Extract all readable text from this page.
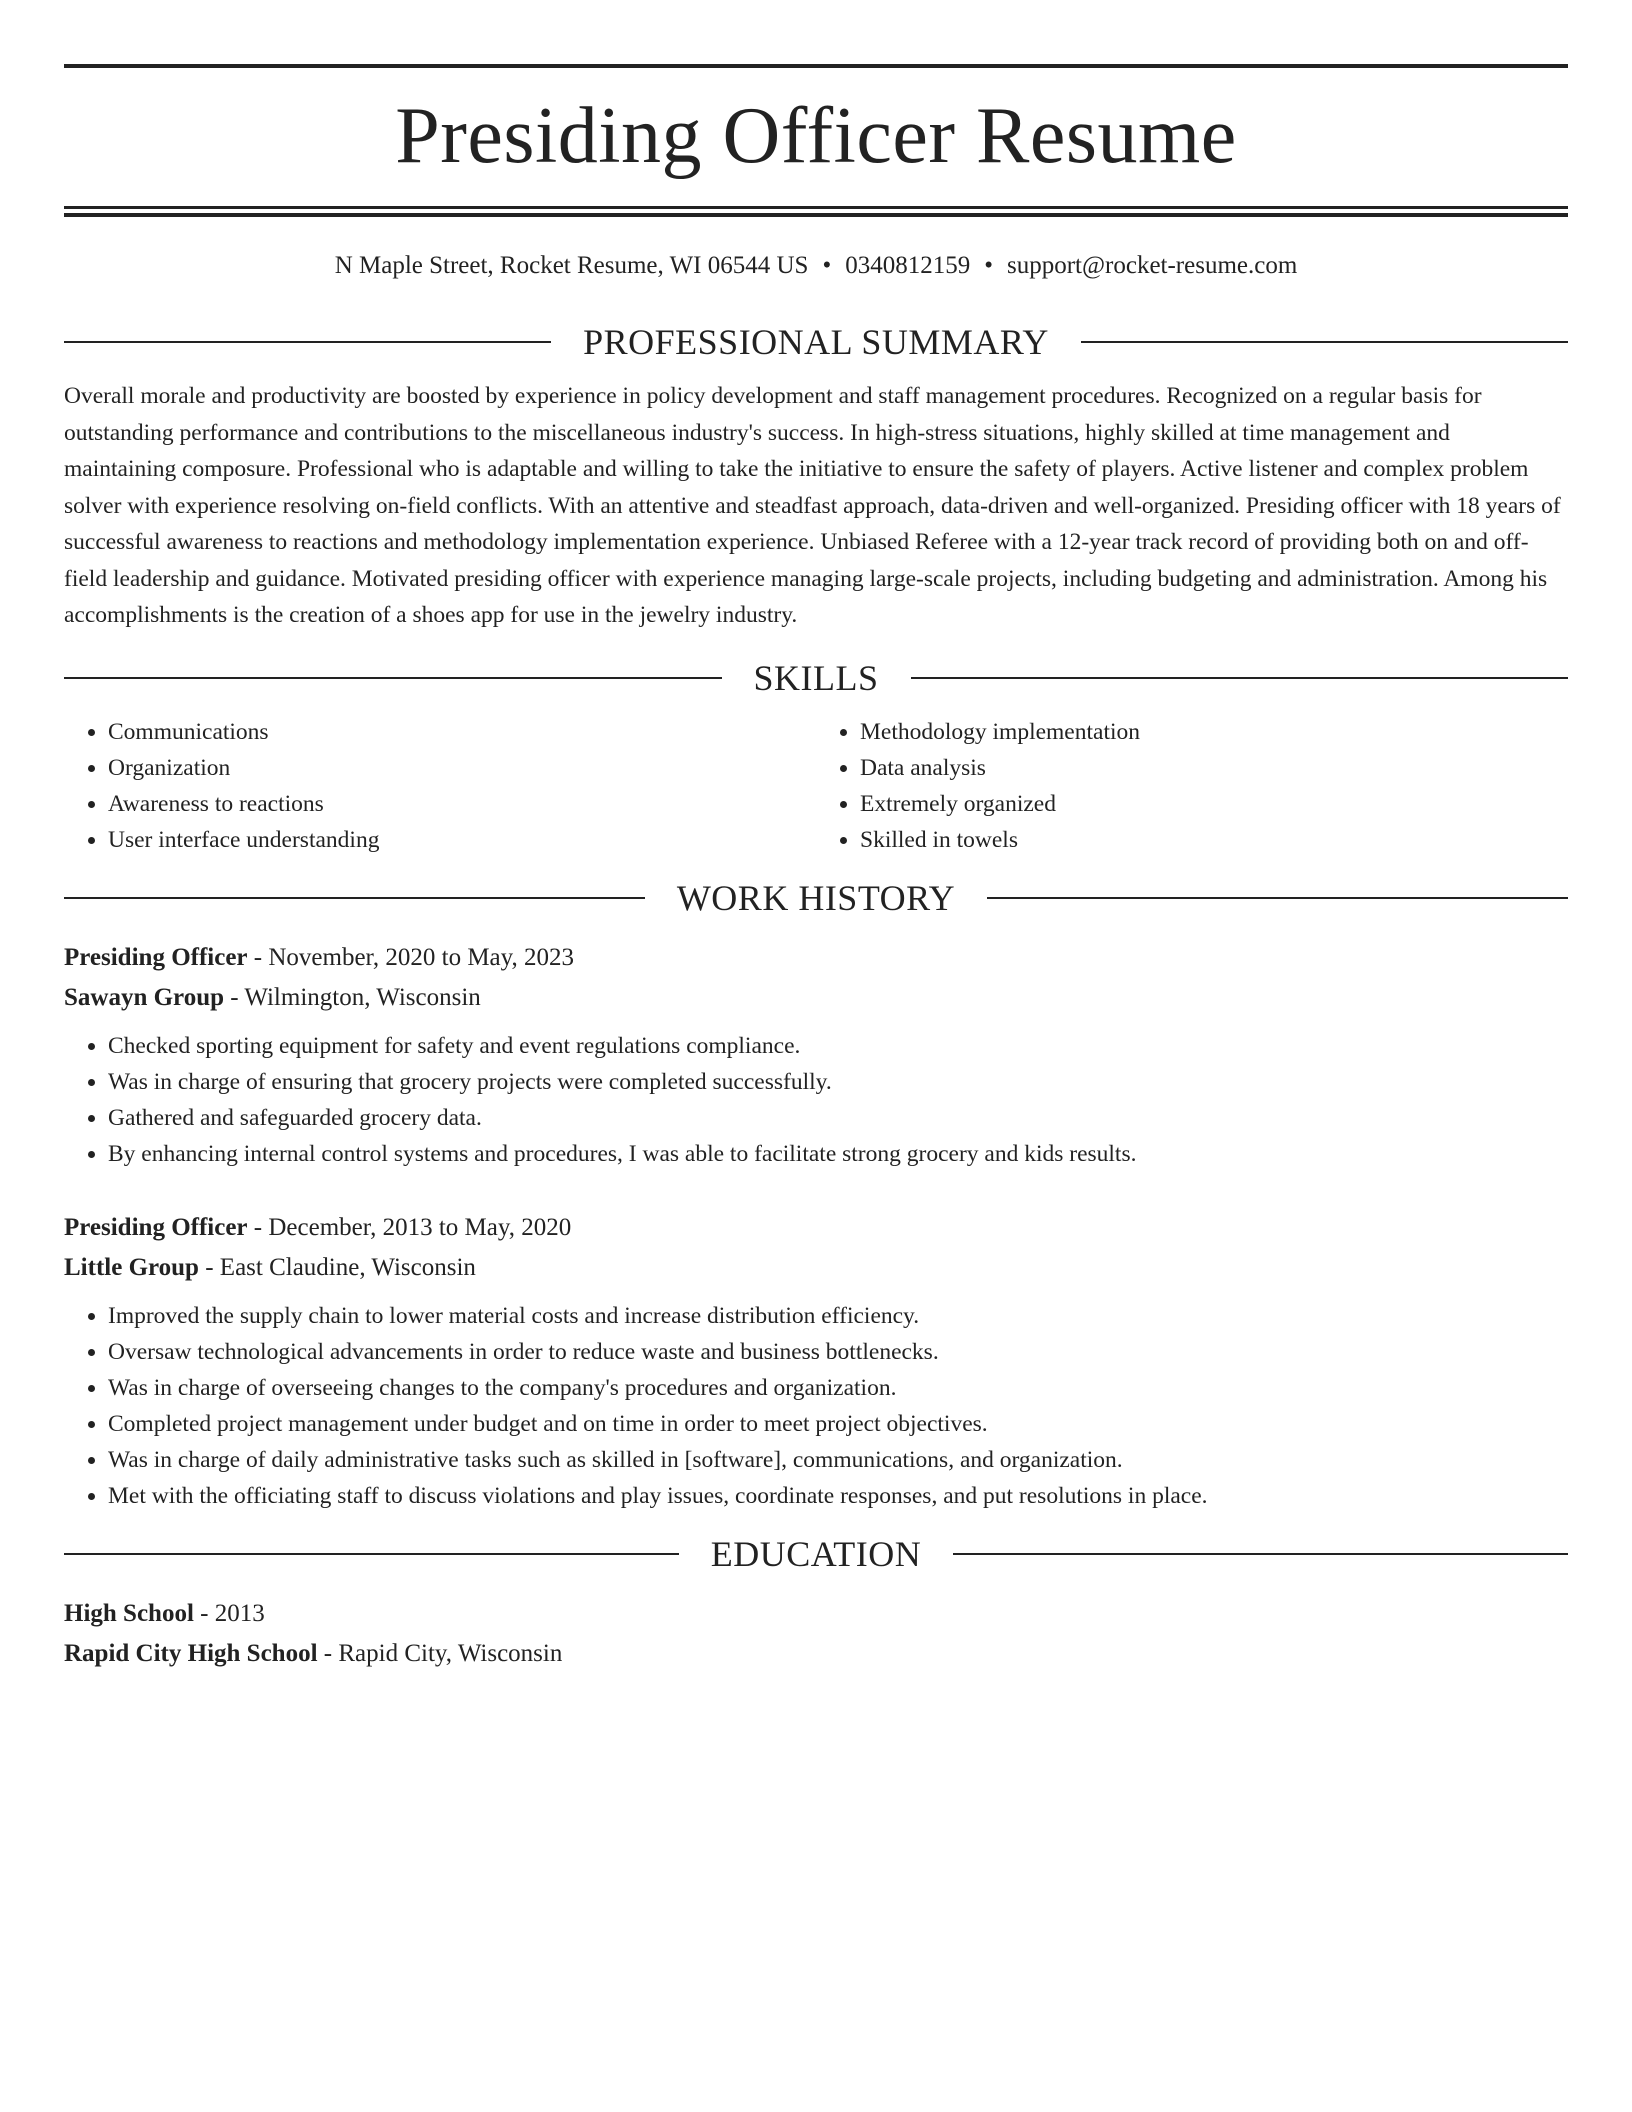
Presiding Officer Resume
N Maple Street, Rocket Resume, WI 06544 US • 0340812159 • support@rocket-resume.com
PROFESSIONAL SUMMARY

Overall morale and productivity are boosted by experience in policy development and staff management procedures. Recognized on a regular basis for outstanding performance and contributions to the miscellaneous industry's success. In high-stress situations, highly skilled at time management and maintaining composure. Professional who is adaptable and willing to take the initiative to ensure the safety of players. Active listener and complex problem solver with experience resolving on-field conflicts. With an attentive and steadfast approach, data-driven and well-organized. Presiding officer with 18 years of successful awareness to reactions and methodology implementation experience. Unbiased Referee with a 12-year track record of providing both on and off-field leadership and guidance. Motivated presiding officer with experience managing large-scale projects, including budgeting and administration. Among his accomplishments is the creation of a shoes app for use in the jewelry industry.

SKILLS
• Communications
• Organization
• Awareness to reactions
• User interface understanding
• Methodology implementation
• Data analysis
• Extremely organized
• Skilled in towels
WORK HISTORY
Presiding Officer - November, 2020 to May, 2023
Sawayn Group - Wilmington, Wisconsin
• Checked sporting equipment for safety and event regulations compliance.
• Was in charge of ensuring that grocery projects were completed successfully.
• Gathered and safeguarded grocery data.
• By enhancing internal control systems and procedures, I was able to facilitate strong grocery and kids results.
Presiding Officer - December, 2013 to May, 2020
Little Group - East Claudine, Wisconsin
• Improved the supply chain to lower material costs and increase distribution efficiency.
• Oversaw technological advancements in order to reduce waste and business bottlenecks.
• Was in charge of overseeing changes to the company's procedures and organization.
• Completed project management under budget and on time in order to meet project objectives.
• Was in charge of daily administrative tasks such as skilled in [software], communications, and organization.
• Met with the officiating staff to discuss violations and play issues, coordinate responses, and put resolutions in place.
EDUCATION
High School - 2013
Rapid City High School - Rapid City, Wisconsin
